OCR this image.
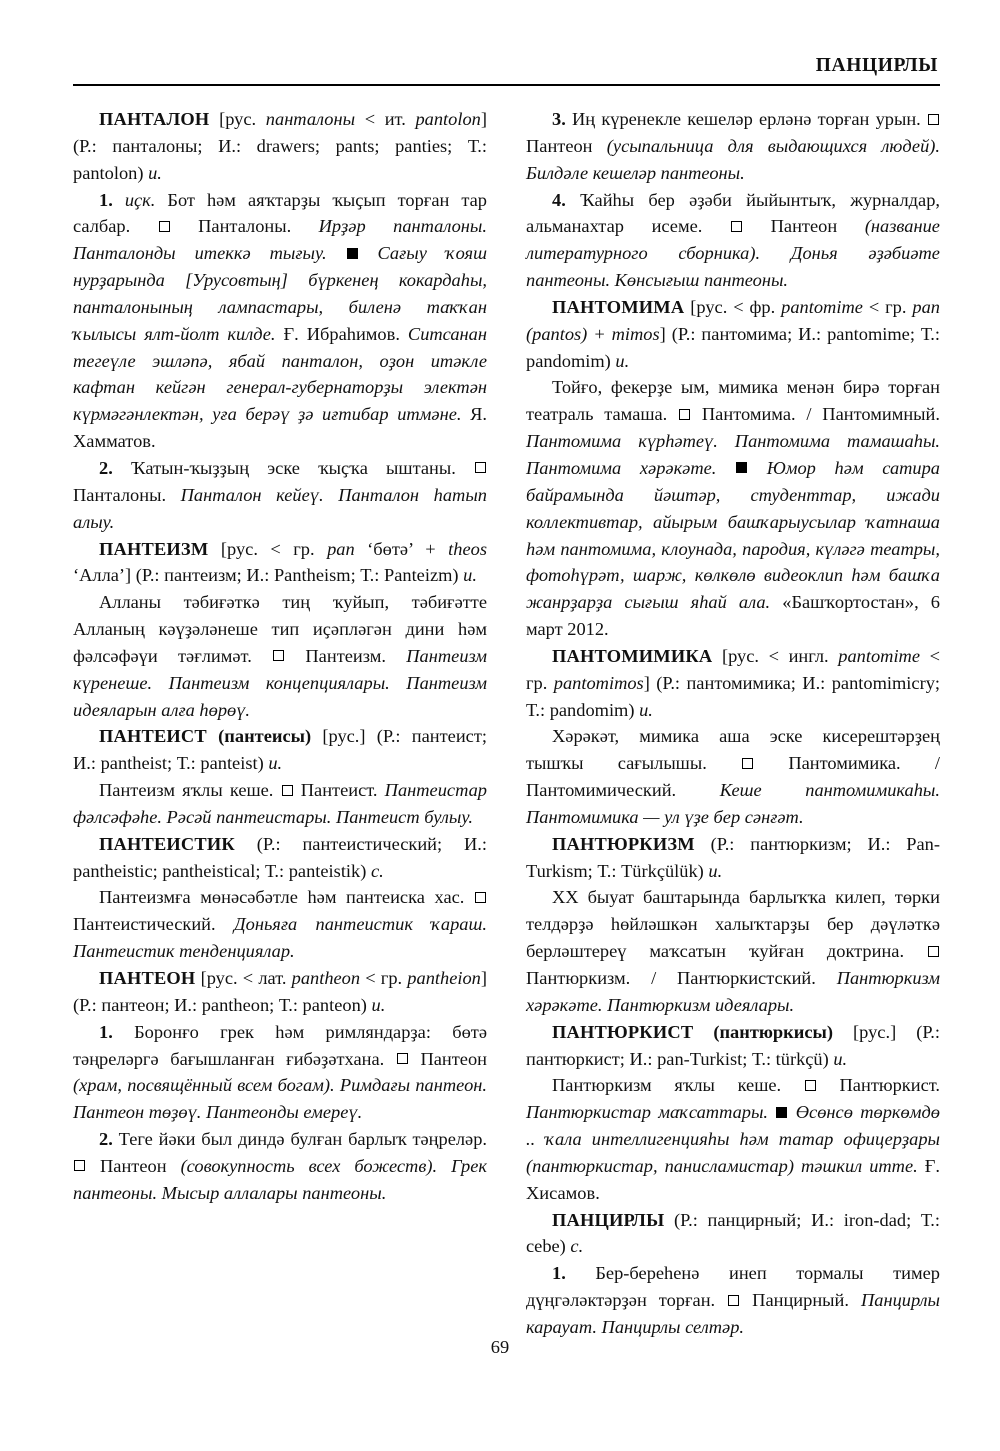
ПАНЦИРЛЫ

ПАНТАЛОН [рус. панталоны < ит. pantolon] (Р.: панталоны; И.: drawers; pants; panties; Т.: pantolon) и.

1. иҫк. Бот һәм аяҡтарҙы ҡыҫып торған тар салбар.	Панталоны. Ирҙәр панталоны. Панталонды итеккә тығыу.	Сағыу ҡояш нурҙарында [Урусовтың] бүркенең кокардаһы, панталонының лампастары, биленә таҡҡан ҡылысы ялт-йолт килде. Ғ. Ибраһимов. Ситсанан тегеүле эшләпә, ябай панталон, оҙон итәкле кафтан кейгән генерал-губернаторҙы электән күрмәгәнлектән, уға берәү ҙә иғтибар итмәне. Я. Хамматов.

2. Ҡатын-ҡыҙҙың эске ҡыҫҡа ыштаны.  Панталоны. Панталон кейеү. Панталон һатып алыу.

ПАНТЕИЗМ [рус. < гр. pan ‘бөтә’ + theos ‘Алла’] (Р.: пантеизм; И.: Pantheism; Т.: Panteizm) и.

Алланы тәбиғәткә тиң ҡуйып, тәбиғәтте Алланың кәүҙәләнеше тип иҫәпләгән дини һәм фәлсәфәүи тәғлимәт.	Пантеизм. Пантеизм күренеше. Пантеизм концепциялары. Пантеизм идеяларын алға һөрөү.

ПАНТЕИСТ (пантеисы) [рус.] (Р.: пантеист; И.: pantheist; Т.: panteist) и.

Пантеизм яҡлы кеше. Пантеист. Пантеистар фәлсәфәһе. Рәсәй пантеистары. Пантеист булыу.

ПАНТЕИСТИК (Р.: пантеистический; И.: pantheistic; pantheistical; Т.: panteistik) с.

Пантеизмға мөнәсәбәтле һәм пантеиска хас.  Пантеистический. Доньяға пантеистик ҡараш. Пантеистик тенденциялар.

ПАНТЕОН [рус. < лат. pantheon < гр. pantheion] (Р.: пантеон; И.: pantheon; Т.: panteon) и.

1. Боронғо грек һәм римляндарҙа: бөтә тәңреләргә бағышланған ғибәҙәтхана. Пантеон (храм, посвящённый всем богам). Римдағы пантеон. Пантеон төҙөү. Пантеонды емереү.

2. Теге йәки был диндә булған барлыҡ тәңреләр.  Пантеон (совокупность всех божеств). Грек пантеоны. Мысыр аллалары пантеоны.

3. Иң күренекле кешеләр ерләнә торған урын.  Пантеон (усыпальница для выдающихся людей). Билдәле кешеләр пантеоны.

4. Ҡайһы бер әҙәби йыйынтыҡ, журналдар, альманахтар исеме.	Пантеон (название литературного сборника). Донья әҙәбиәте пантеоны. Көнсығыш пантеоны.

ПАНТОМИМА [рус. < фр. pantomime < гр. pan (pantos) + mimos] (Р.: пантомима; И.: pantomime; Т.: pandomim) и.

Тойғо, фекерҙе ым, мимика менән бирә торған театраль тамаша. Пантомима. / Пантомимный. Пантомима күрһәтеү. Пантомима тамашаһы. Пантомима хәрәкәте.	Юмор һәм сатира байрамында йәштәр, студенттар, ижади коллективтар, айырым башҡарыусылар ҡатнаша һәм пантомима, клоунада, пародия, күләгә театры, фотоһүрәт, шарж, көлкөлө видеоклип һәм башҡа жанрҙарҙа сығыш яһай ала. «Башҡортостан», 6 март 2012.

ПАНТОМИМИКА [рус. < ингл. pantomime < гр. pantomimos] (Р.: пантомимика; И.: pantomimicry; Т.: pandomim) и.

Хәрәкәт, мимика аша эске кисерештәрҙең тышҡы сағылышы.	Пантомимика. / Пантомимический. Кеше пантомимикаһы. Пантомимика — ул үҙе бер сәнғәт.

ПАНТЮРКИЗМ (Р.: пантюркизм; И.: Pan-Turkism; Т.: Türkçülük) и.

XX быуат баштарында барлыҡҡа килеп, төрки телдәрҙә һөйләшкән халыҡтарҙы бер дәүләткә берләштереү маҡсатын ҡуйған доктрина.  Пантюркизм. / Пантюркистский. Пантюркизм хәрәкәте. Пантюркизм идеялары.

ПАНТЮРКИСТ (пантюркисы) [рус.] (Р.: пантюркист; И.: pan-Turkist; Т.: türkçü) и.

Пантюркизм яҡлы кеше.	Пантюркист. Пантюркистар маҡсаттары. Өсөнсө төркөмдө .. ҡала интеллигенцияһы һәм татар офицерҙары (пантюркистар, панисламистар) тәшкил итте. Ғ. Хисамов.

ПАНЦИРЛЫ (Р.: панцирный; И.: iron-dad; Т.: cebe) с.

1. Бер-береһенә инеп тормалы тимер дүңгәләктәрҙән торған. Панцирный. Панцирлы карауат. Панцирлы селтәр.

69
